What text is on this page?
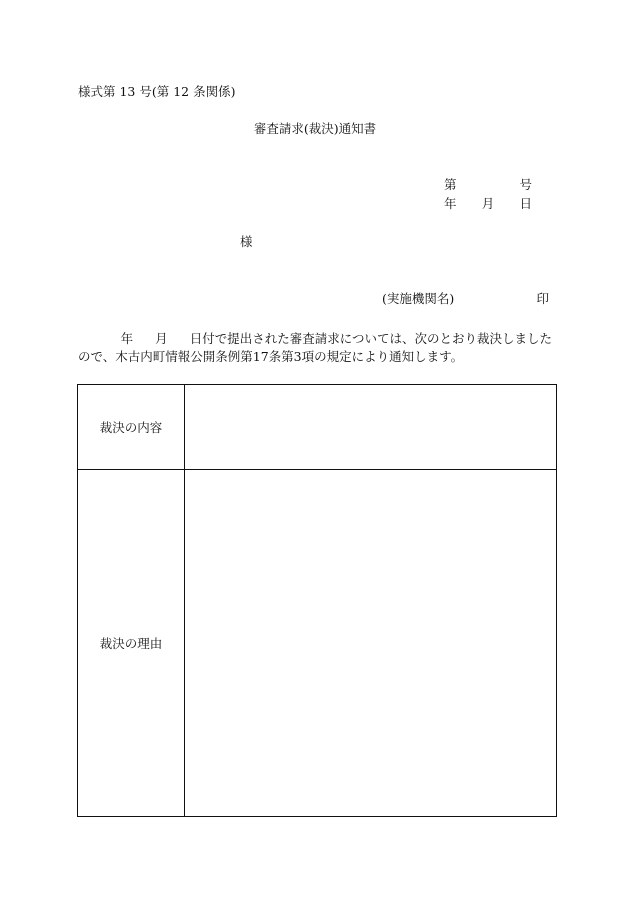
様式第 13 号(第 12 条関係)
審査請求(裁決)通知書
第	号
年 月 日
様
(実施機関名)	印
年 月 日付で提出された審査請求については、次のとおり裁決しました
ので、木古内町情報公開条例第17条第3項の規定により通知します。
裁決の内容	
裁決の理由	
